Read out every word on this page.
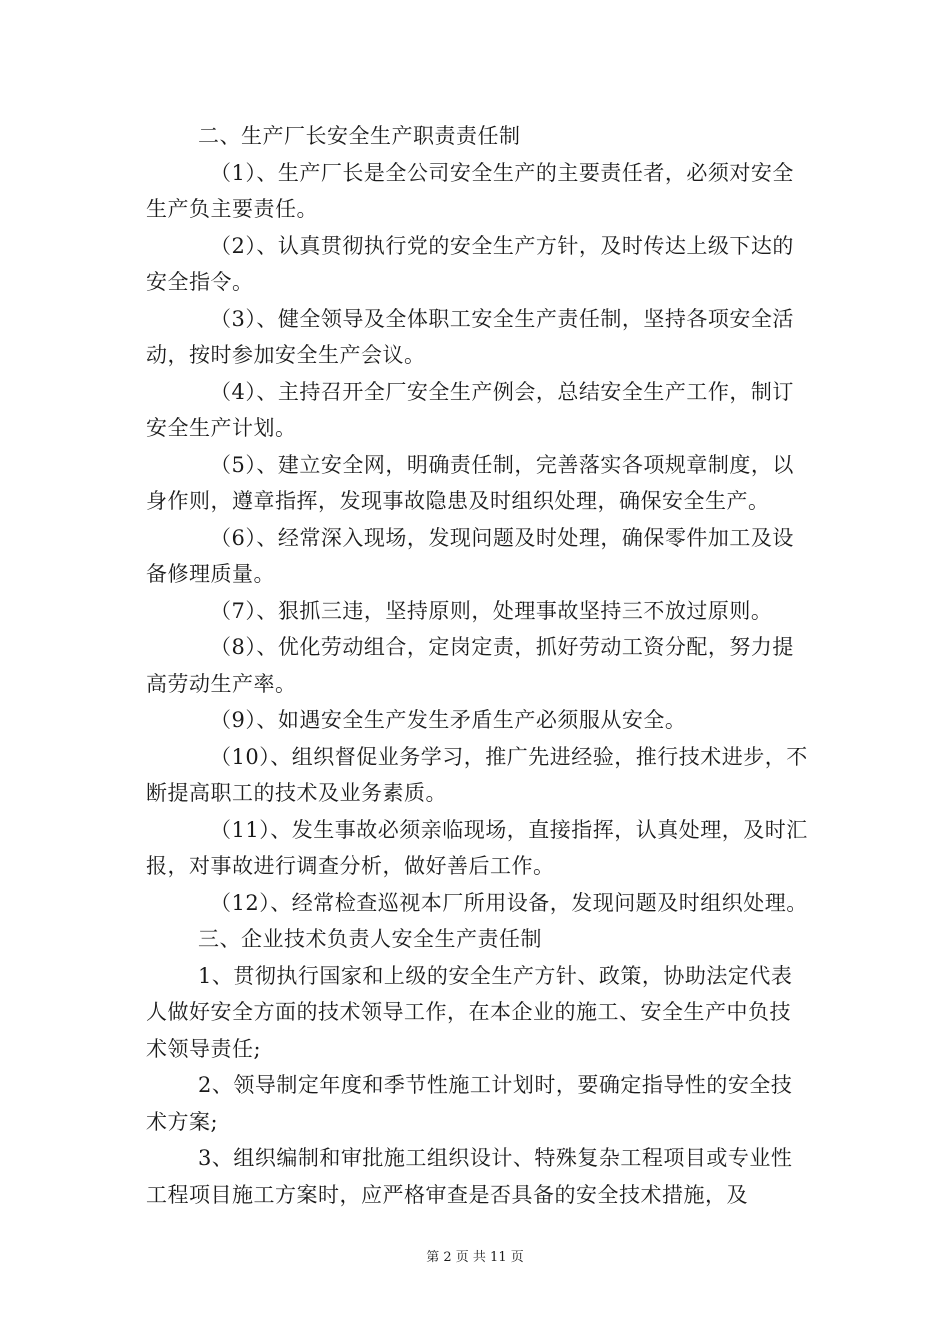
二、生产厂长安全生产职责责任制

（1）、生产厂长是全公司安全生产的主要责任者，必须对安全生产负主要责任。

（2）、认真贯彻执行党的安全生产方针，及时传达上级下达的安全指令。

（3）、健全领导及全体职工安全生产责任制，坚持各项安全活动，按时参加安全生产会议。

（4）、主持召开全厂安全生产例会，总结安全生产工作，制订安全生产计划。

（5）、建立安全网，明确责任制，完善落实各项规章制度，以身作则，遵章指挥，发现事故隐患及时组织处理，确保安全生产。

（6）、经常深入现场，发现问题及时处理，确保零件加工及设备修理质量。

（7）、狠抓三违，坚持原则，处理事故坚持三不放过原则。

（8）、优化劳动组合，定岗定责，抓好劳动工资分配，努力提高劳动生产率。

（9）、如遇安全生产发生矛盾生产必须服从安全。

（10）、组织督促业务学习，推广先进经验，推行技术进步，不断提高职工的技术及业务素质。

（11）、发生事故必须亲临现场，直接指挥，认真处理，及时汇报，对事故进行调查分析，做好善后工作。

（12）、经常检查巡视本厂所用设备，发现问题及时组织处理。

三、企业技术负责人安全生产责任制

1、贯彻执行国家和上级的安全生产方针、政策，协助法定代表人做好安全方面的技术领导工作，在本企业的施工、安全生产中负技术领导责任;

2、领导制定年度和季节性施工计划时，要确定指导性的安全技术方案;

3、组织编制和审批施工组织设计、特殊复杂工程项目或专业性工程项目施工方案时，应严格审查是否具备的安全技术措施，及

第 2 页 共 11 页
